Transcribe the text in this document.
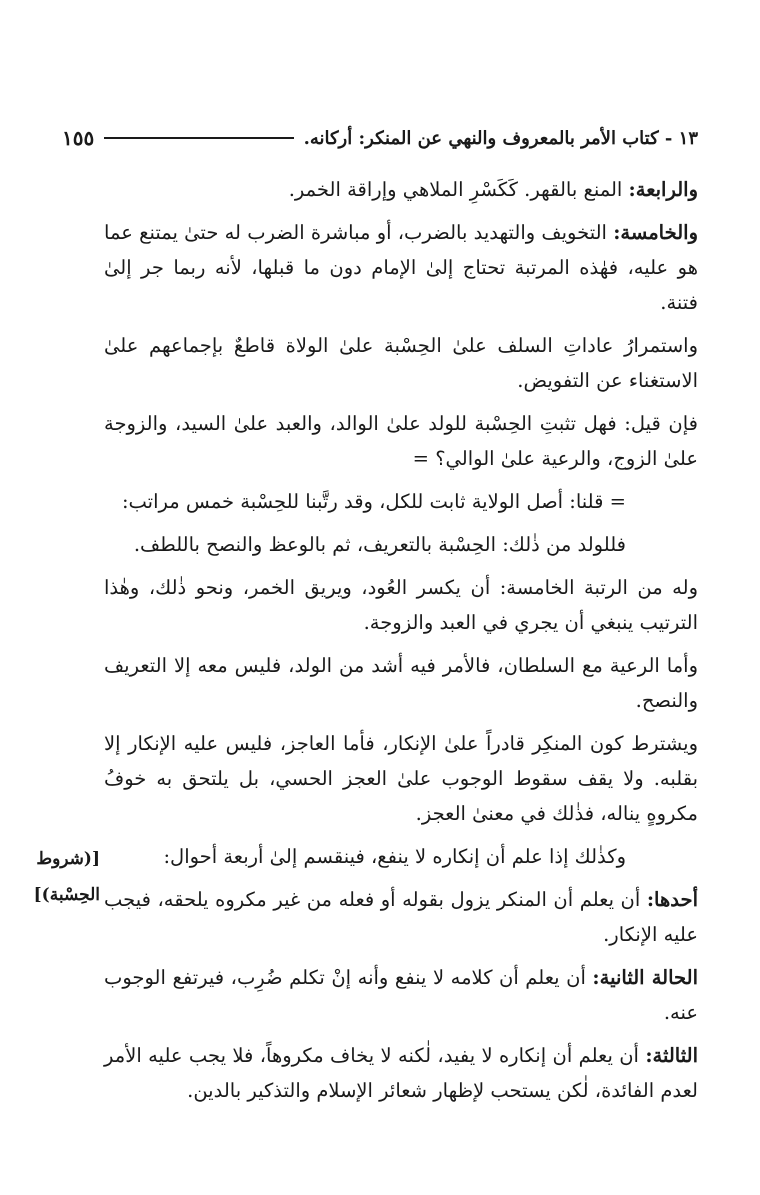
١٣ - كتاب الأمر بالمعروف والنهي عن المنكر: أركانه.
١٥٥

والرابعة: المنع بالقهر. كَكَسْرِ الملاهي وإراقة الخمر.

والخامسة: التخويف والتهديد بالضرب، أو مباشرة الضرب له حتىٰ يمتنع عما هو عليه، فهٰذه المرتبة تحتاج إلىٰ الإمام دون ما قبلها، لأنه ربما جر إلىٰ فتنة.

واستمرارُ عاداتِ السلف علىٰ الحِسْبة علىٰ الولاة قاطعٌ بإجماعهم علىٰ الاستغناء عن التفويض.

فإن قيل: فهل تثبتِ الحِسْبة للولد علىٰ الوالد، والعبد علىٰ السيد، والزوجة علىٰ الزوج، والرعية علىٰ الوالي؟ =

= قلنا: أصل الولاية ثابت للكل، وقد رتَّبنا للحِسْبة خمس مراتب:

فللولد من ذٰلك: الحِسْبة بالتعريف، ثم بالوعظ والنصح باللطف.

وله من الرتبة الخامسة: أن يكسر العُود، ويريق الخمر، ونحو ذٰلك، وهٰذا الترتيب ينبغي أن يجري في العبد والزوجة.

وأما الرعية مع السلطان، فالأمر فيه أشد من الولد، فليس معه إلا التعريف والنصح.

ويشترط كون المنكِر قادراً علىٰ الإنكار، فأما العاجز، فليس عليه الإنكار إلا بقلبه. ولا يقف سقوط الوجوب علىٰ العجز الحسي، بل يلتحق به خوفُ مكروهٍ يناله، فذٰلك في معنىٰ العجز.

وكذٰلك إذا علم أن إنكاره لا ينفع، فينقسم إلىٰ أربعة أحوال:

أحدها: أن يعلم أن المنكر يزول بقوله أو فعله من غير مكروه يلحقه، فيجب عليه الإنكار.

الحالة الثانية: أن يعلم أن كلامه لا ينفع وأنه إنْ تكلم ضُرِب، فيرتفع الوجوب عنه.

الثالثة: أن يعلم أن إنكاره لا يفيد، لٰكنه لا يخاف مكروهاً، فلا يجب عليه الأمر لعدم الفائدة، لٰكن يستحب لإظهار شعائر الإسلام والتذكير بالدين.

[(شروط
الحِسْبة)]
